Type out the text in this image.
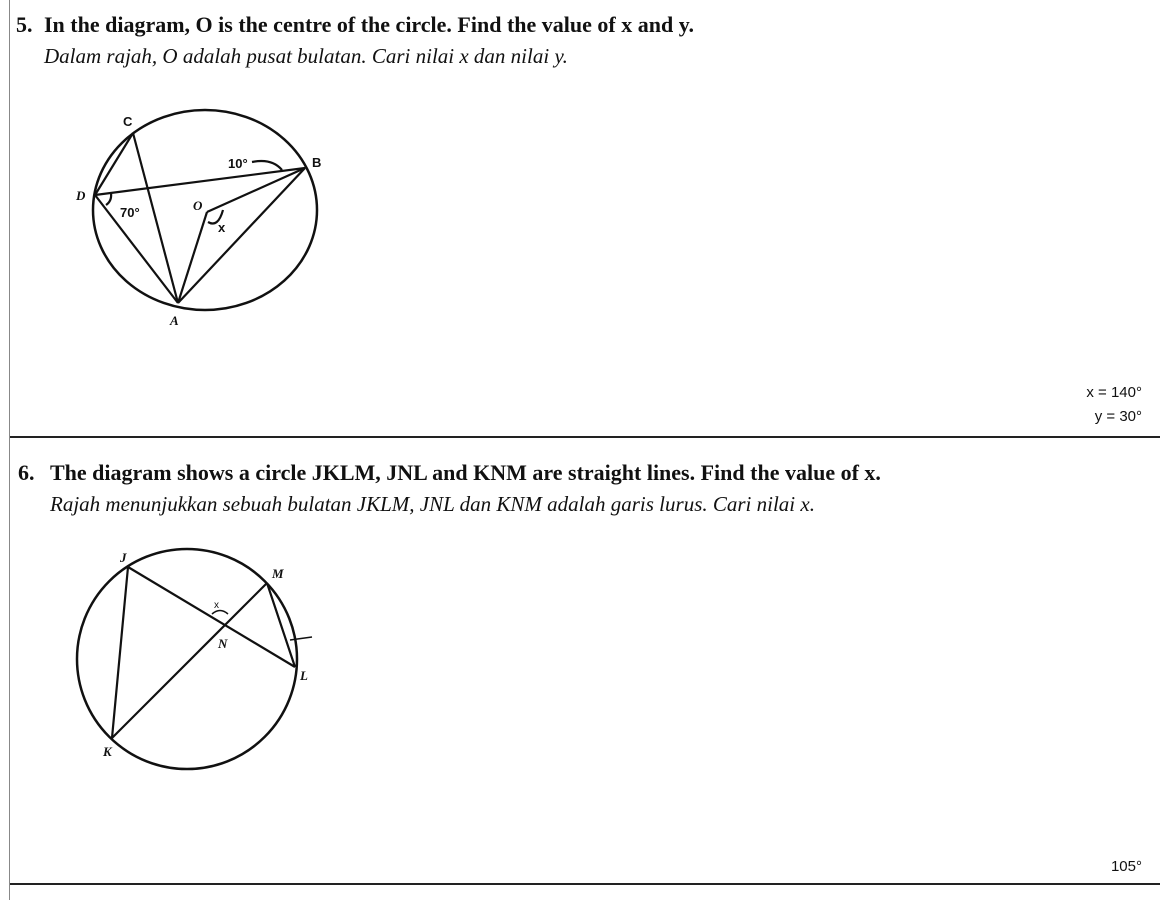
5. In the diagram, O is the centre of the circle. Find the value of x and y.
Dalam rajah, O adalah pusat bulatan. Cari nilai x dan nilai y.
C
B
D
A
O
x
70°
10°
x = 140°
y = 30°
6. The diagram shows a circle JKLM, JNL and KNM are straight lines. Find the value of x.
Rajah menunjukkan sebuah bulatan JKLM, JNL dan KNM adalah garis lurus. Cari nilai x.
J
M
N
L
K
x
105°
